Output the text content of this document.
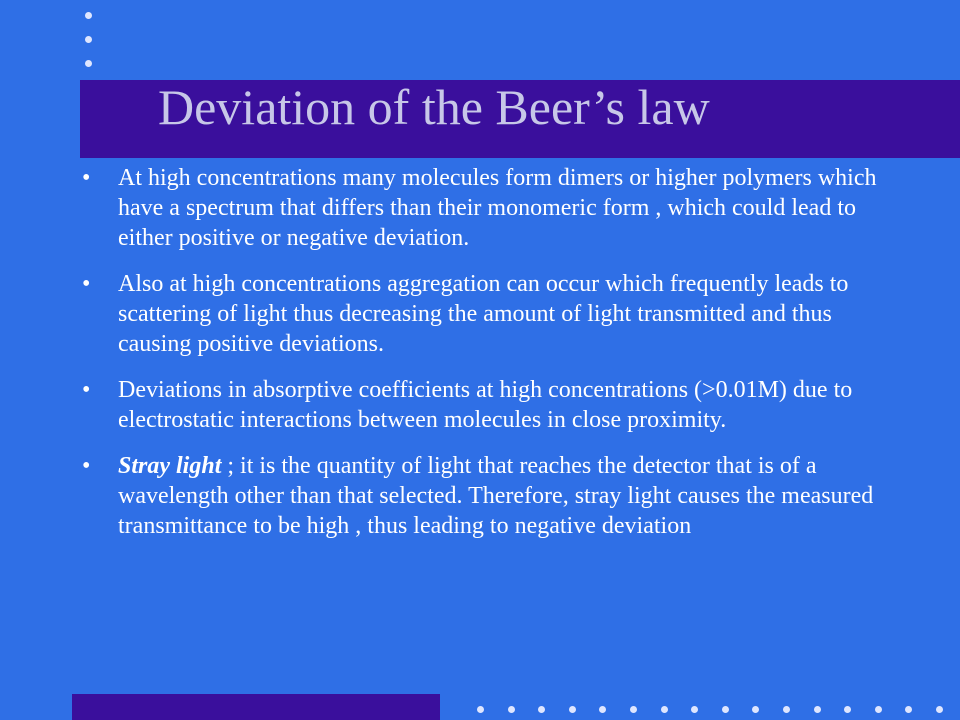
Deviation of the Beer’s law
• At high concentrations many molecules form dimers or higher polymers which have a spectrum that differs than their monomeric form , which could lead to either positive or negative deviation.
• Also at high concentrations aggregation can occur which frequently leads to scattering of light thus decreasing the amount of light transmitted and thus causing positive deviations.
• Deviations in absorptive coefficients at high concentrations (>0.01M) due to electrostatic interactions between molecules in close proximity.
• Stray light ; it is the quantity of light that reaches the detector that is of a wavelength other than that selected. Therefore, stray light causes the measured transmittance to be high , thus leading to negative deviation
